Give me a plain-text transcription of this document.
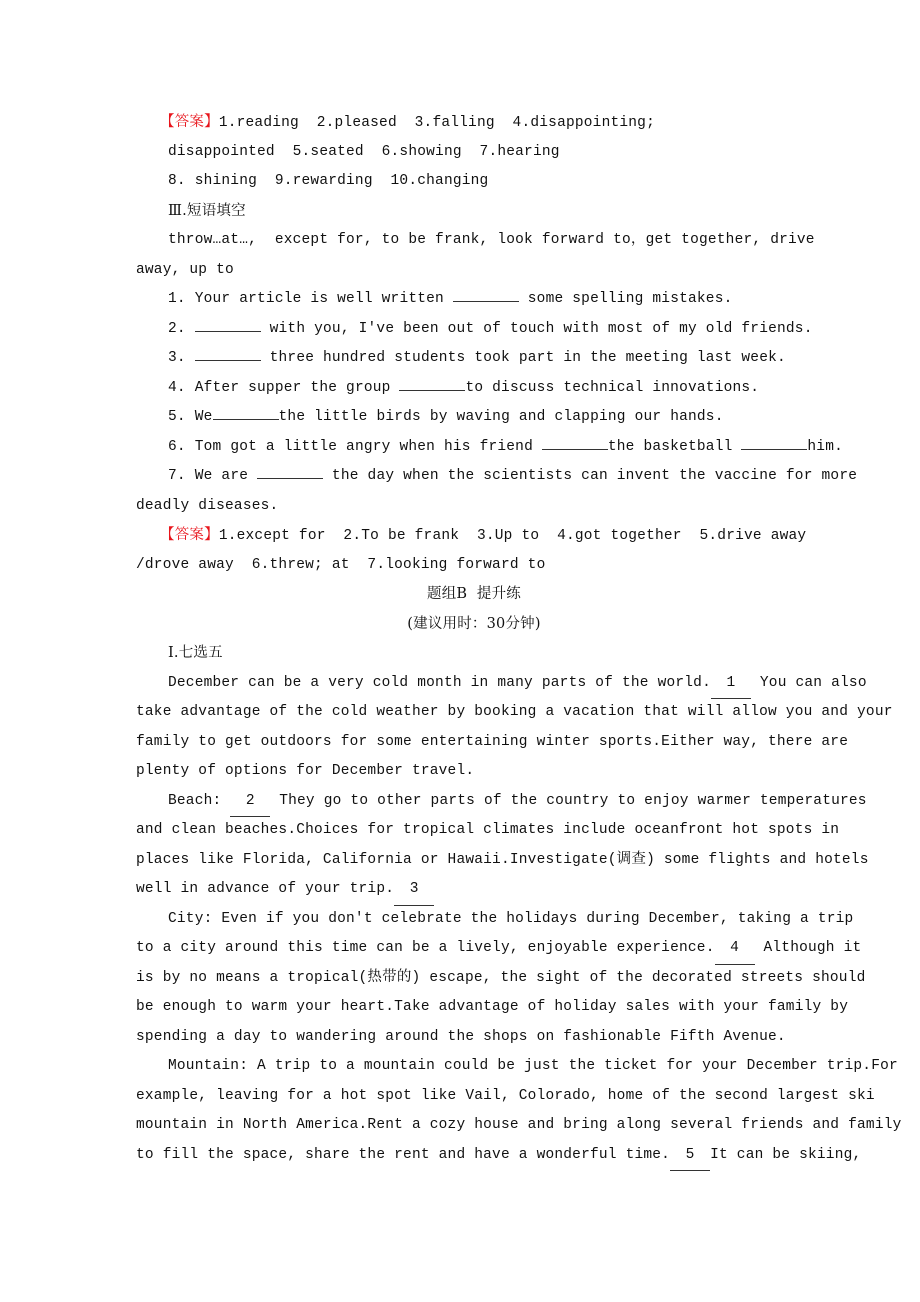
【答案】1.reading  2.pleased  3.falling  4.disappointing;
disappointed  5.seated  6.showing  7.hearing
8. shining  9.rewarding  10.changing
Ⅲ.短语填空
throw…at…,  except for, to be frank, look forward to，get together, drive
away, up to
1. Your article is well written	some spelling mistakes.
2.	with you, I've been out of touch with most of my old friends.
3.	three hundred students took part in the meeting last week.
4. After supper the group	to discuss technical innovations.
5. We	the little birds by waving and clapping our hands.
6. Tom got a little angry when his friend	the basketball	him.
7. We are	the day when the scientists can invent the vaccine for more
deadly diseases.
【答案】1.except for  2.To be frank  3.Up to  4.got together  5.drive away
/drove away  6.threw; at  7.looking forward to
题组B  提升练
(建议用时：30分钟)
Ⅰ.七选五
December can be a very cold month in many parts of the world. 1 You can also
take advantage of the cold weather by booking a vacation that will allow you and your
family to get outdoors for some entertaining winter sports.Either way, there are
plenty of options for December travel.
Beach: 2 They go to other parts of the country to enjoy warmer temperatures
and clean beaches.Choices for tropical climates include oceanfront hot spots in
places like Florida, California or Hawaii.Investigate(调查) some flights and hotels
well in advance of your trip. 3
City: Even if you don't celebrate the holidays during December, taking a trip
to a city around this time can be a lively, enjoyable experience. 4 Although it
is by no means a tropical(热带的) escape, the sight of the decorated streets should
be enough to warm your heart.Take advantage of holiday sales with your family by
spending a day to wandering around the shops on fashionable Fifth Avenue.
Mountain: A trip to a mountain could be just the ticket for your December trip.For
example, leaving for a hot spot like Vail, Colorado, home of the second largest ski
mountain in North America.Rent a cozy house and bring along several friends and family
to fill the space, share the rent and have a wonderful time. 5 It can be skiing,
